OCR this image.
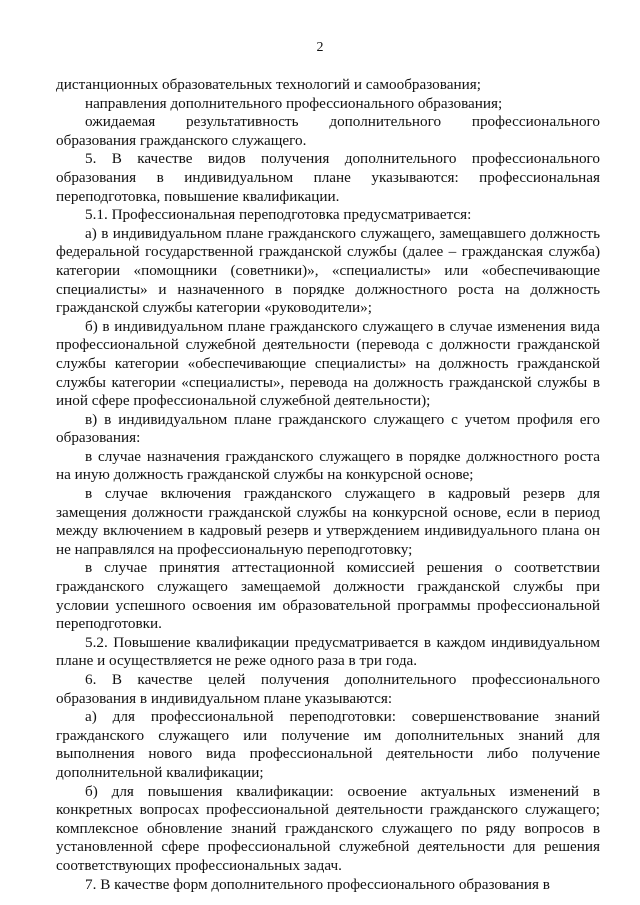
2

дистанционных образовательных технологий и самообразования;

направления дополнительного профессионального образования;

ожидаемая результативность дополнительного профессионального образования гражданского служащего.

5. В качестве видов получения дополнительного профессионального образования в индивидуальном плане указываются: профессиональная переподготовка, повышение квалификации.

5.1. Профессиональная переподготовка предусматривается:

а) в индивидуальном плане гражданского служащего, замещавшего должность федеральной государственной гражданской службы (далее – гражданская служба) категории «помощники (советники)», «специалисты» или «обеспечивающие специалисты» и назначенного в порядке должностного роста на должность гражданской службы категории «руководители»;

б) в индивидуальном плане гражданского служащего в случае изменения вида профессиональной служебной деятельности (перевода с должности гражданской службы категории «обеспечивающие специалисты» на должность гражданской службы категории «специалисты», перевода на должность гражданской службы в иной сфере профессиональной служебной деятельности);

в) в индивидуальном плане гражданского служащего с учетом профиля его образования:

в случае назначения гражданского служащего в порядке должностного роста на иную должность гражданской службы на конкурсной основе;

в случае включения гражданского служащего в кадровый резерв для замещения должности гражданской службы на конкурсной основе, если в период между включением в кадровый резерв и утверждением индивидуального плана он не направлялся на профессиональную переподготовку;

в случае принятия аттестационной комиссией решения о соответствии гражданского служащего замещаемой должности гражданской службы при условии успешного освоения им образовательной программы профессиональной переподготовки.

5.2. Повышение квалификации предусматривается в каждом индивидуальном плане и осуществляется не реже одного раза в три года.

6. В качестве целей получения дополнительного профессионального образования в индивидуальном плане указываются:

а) для профессиональной переподготовки: совершенствование знаний гражданского служащего или получение им дополнительных знаний для выполнения нового вида профессиональной деятельности либо получение дополнительной квалификации;

б) для повышения квалификации: освоение актуальных изменений в конкретных вопросах профессиональной деятельности гражданского служащего; комплексное обновление знаний гражданского служащего по ряду вопросов в установленной сфере профессиональной служебной деятельности для решения соответствующих профессиональных задач.

7. В качестве форм дополнительного профессионального образования в
